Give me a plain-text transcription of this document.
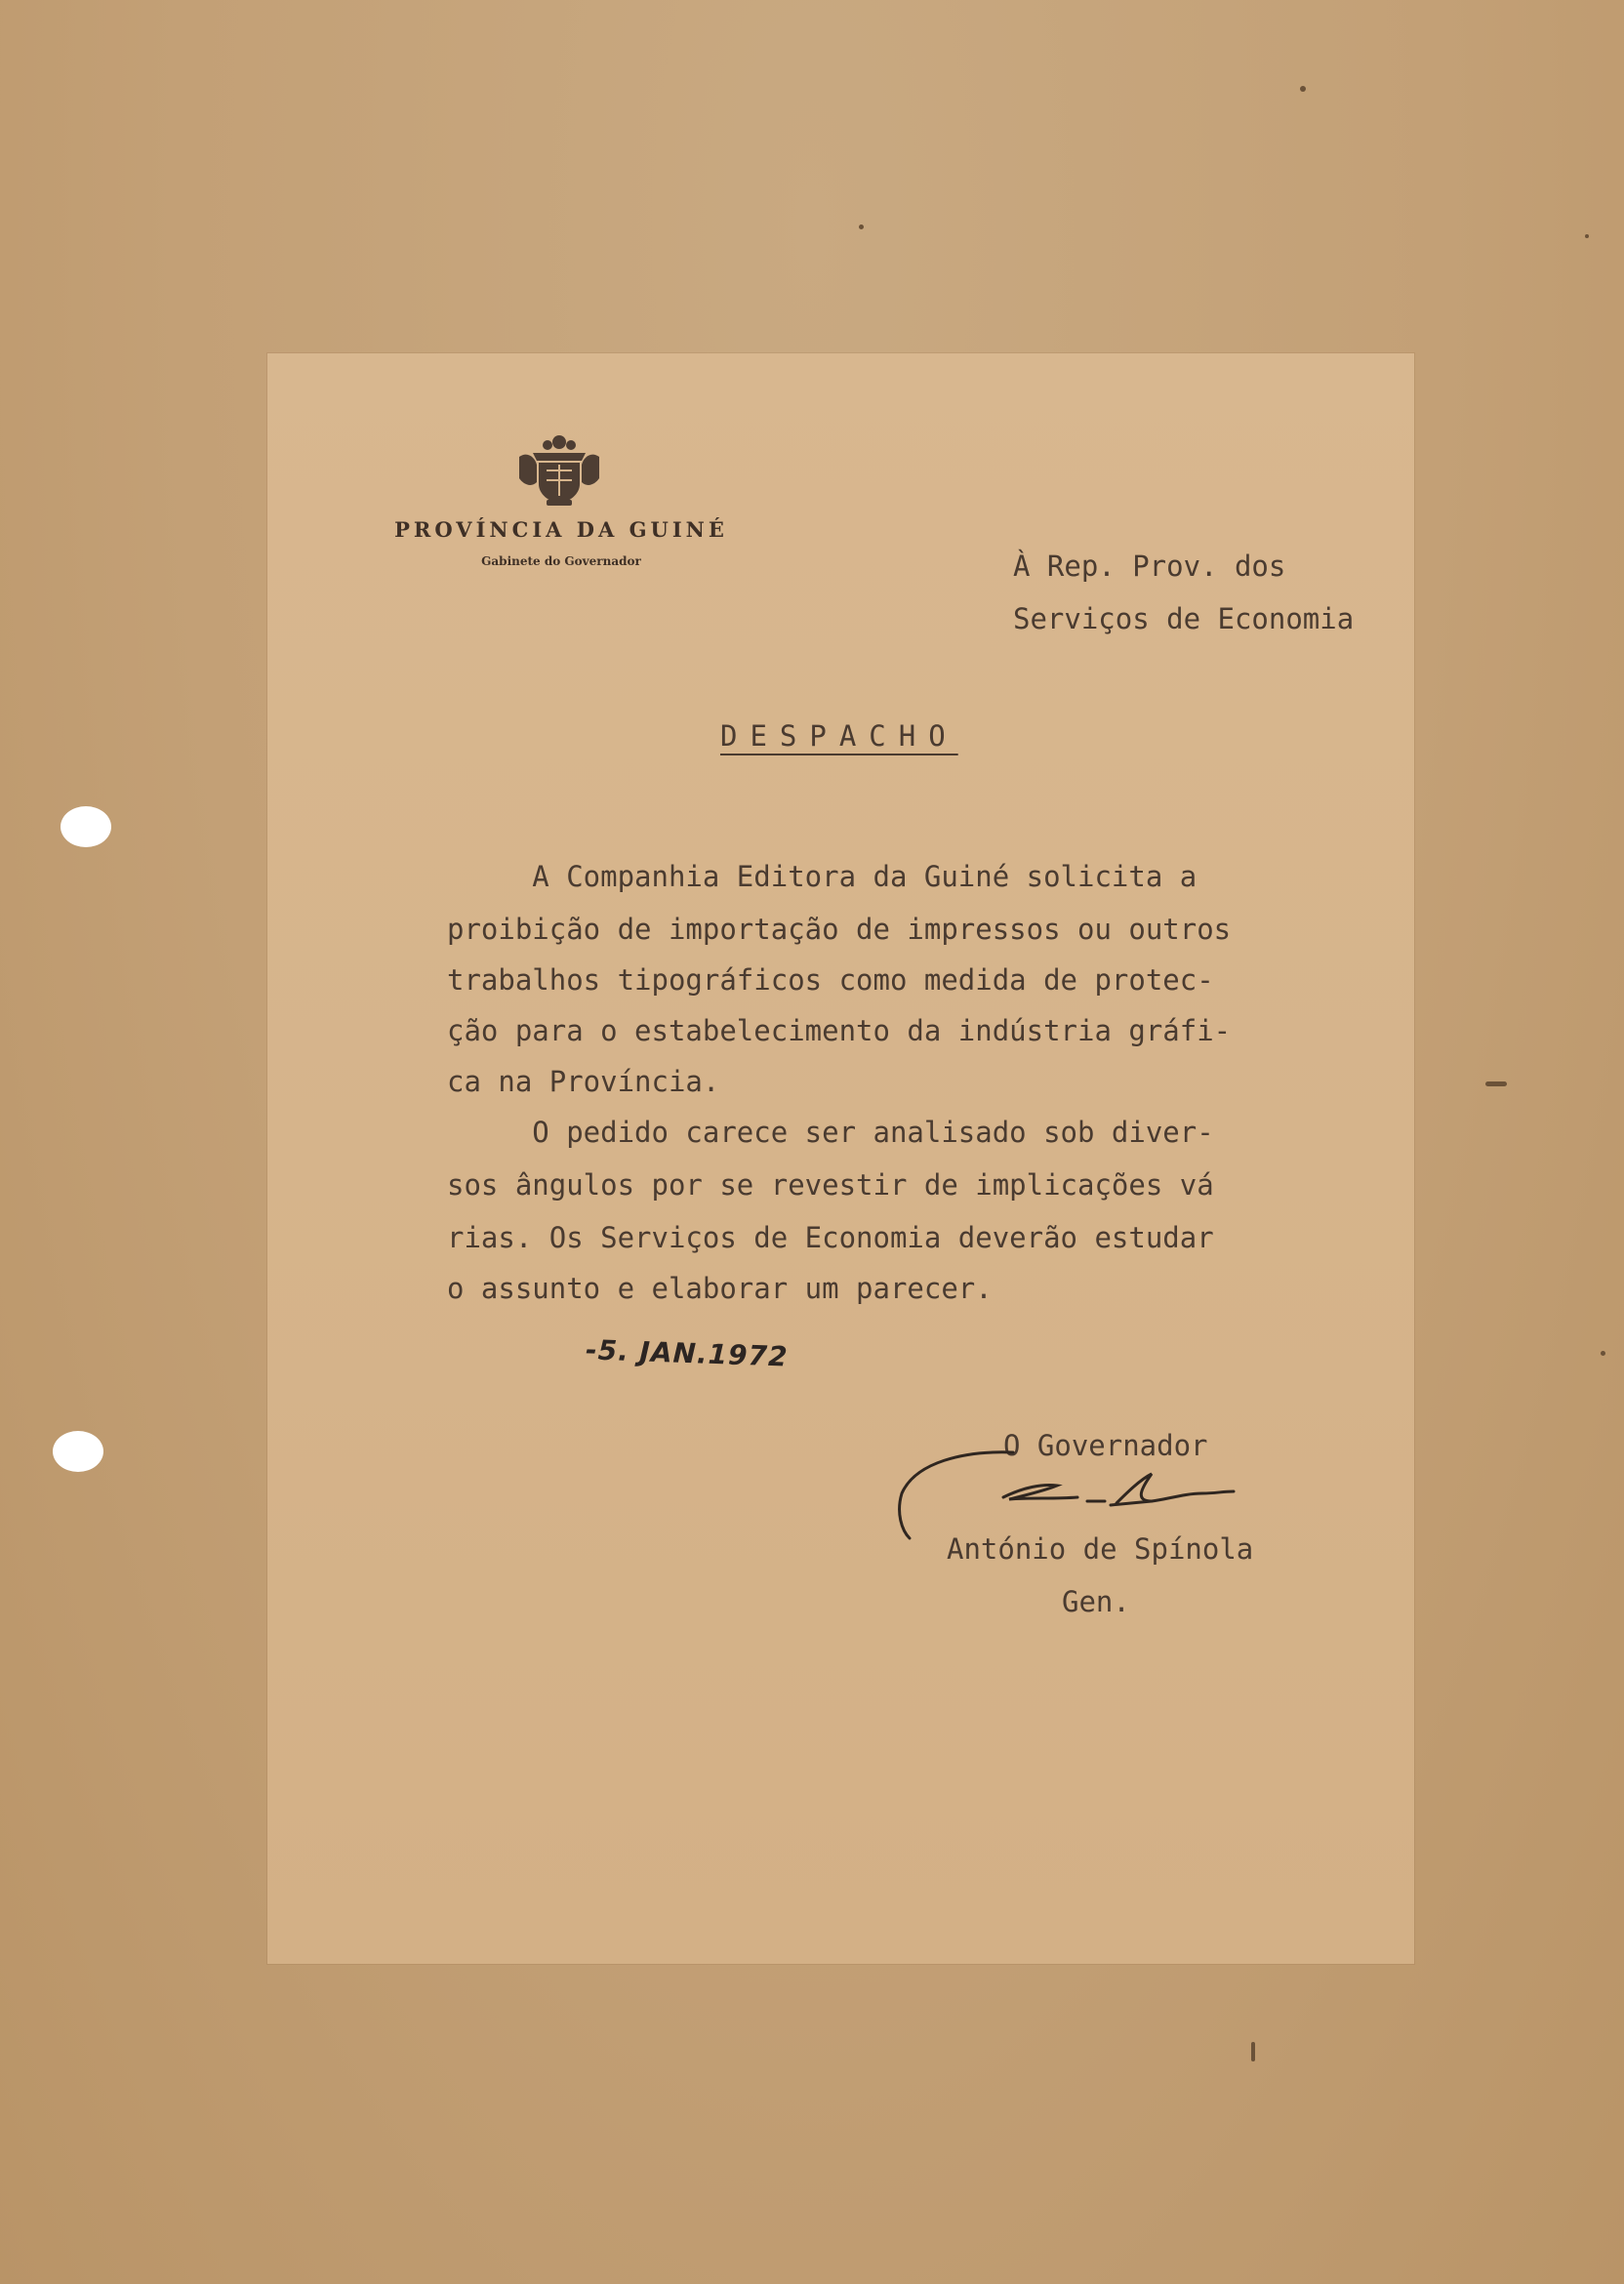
PROVÍNCIA DA GUINÉ
Gabinete do Governador	À Rep. Prov. dos
Serviços de Economia
DESPACHO
A Companhia Editora da Guiné solicita a
proibição de importação de impressos ou outros
trabalhos tipográficos como medida de protec-
ção para o estabelecimento da indústria gráfi-
ca na Província.
O pedido carece ser analisado sob diver-
sos ângulos por se revestir de implicações vá
rias. Os Serviços de Economia deverão estudar
o assunto e elaborar um parecer.
-5. JAN.1972
O Governador
António de Spínola
Gen.
